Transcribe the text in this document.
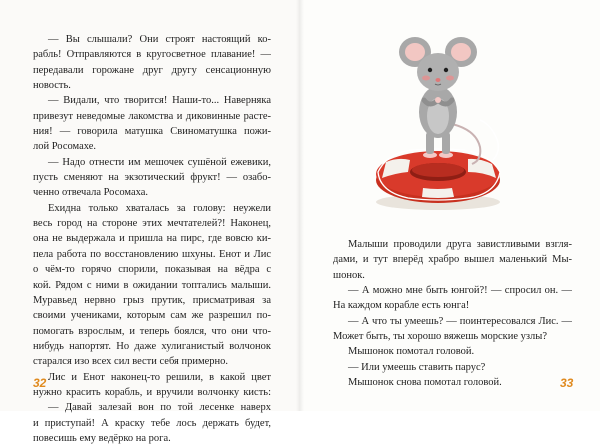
— Вы слышали? Они строят настоящий ко-
рабль! Отправляются в кругосветное плавание! —
передавали горожане друг другу сенсационную
новость.
— Видали, что творится! Наши-то... Наверняка
привезут неведомые лакомства и диковинные расте-
ния! — говорила матушка Свиноматушка пожи-
лой Росомахе.
— Надо отнести им мешочек сушёной ежевики,
пусть сменяют на экзотический фрукт! — озабо-
ченно отвечала Росомаха.
Ехидна только хваталась за голову: неужели
весь город на стороне этих мечтателей?! Наконец,
она не выдержала и пришла на пирс, где вовсю ки-
пела работа по восстановлению шхуны. Енот и Лис
о чём-то горячо спорили, показывая на вёдра с
кой. Рядом с ними в ожидании топтались малыши.
Муравьед нервно грыз прутик, присматривая за
своими учениками, которым сам же разрешил по-
помогать взрослым, и теперь боялся, что они что-
нибудь напортят. Но даже хулиганистый волчонок
старался изо всех сил вести себя примерно.
Лис и Енот наконец-то решили, в какой цвет
нужно красить корабль, и вручили волчонку кисть:
— Давай залезай вон по той лесенке наверх
и приступай! А краску тебе лось держать будет,
повесишь ему ведёрко на рога.
32
Малыши проводили друга завистливыми взгля-
дами, и тут вперёд храбро вышел маленький Мы-
шонок.
— А можно мне быть юнгой?! — спросил он. —
На каждом корабле есть юнга!
— А что ты умеешь? — поинтересовался Лис. —
Может быть, ты хорошо вяжешь морские узлы?
Мышонок помотал головой.
— Или умеешь ставить парус?
Мышонок снова помотал головой.	33
